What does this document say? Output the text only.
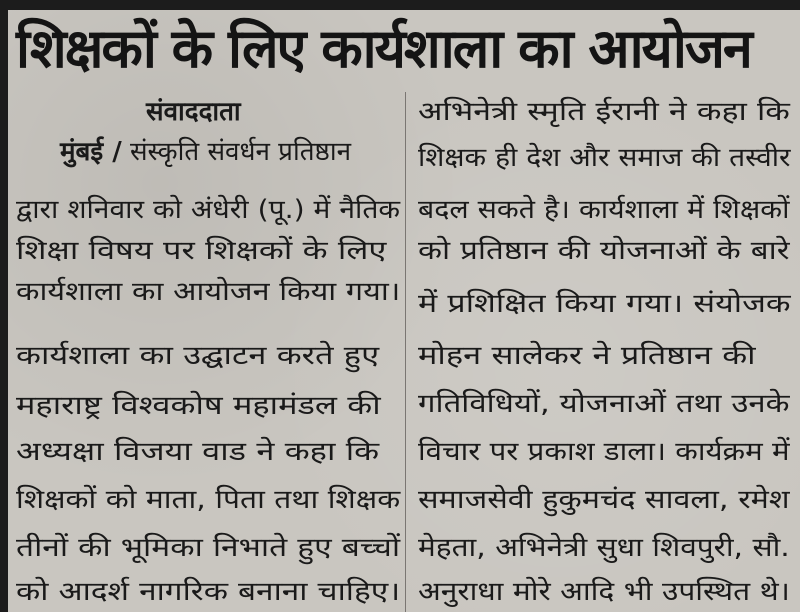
शिक्षकों के लिए कार्यशाला का आयोजन
संवाददाता
मुंबई / संस्कृति संवर्धन प्रतिष्ठान
द्वारा शनिवार को अंधेरी (पू.) में नैतिक
शिक्षा विषय पर शिक्षकों के लिए
कार्यशाला का आयोजन किया गया।
कार्यशाला का उद्घाटन करते हुए
महाराष्ट्र विश्वकोष महामंडल की
अध्यक्षा विजया वाड ने कहा कि
शिक्षकों को माता, पिता तथा शिक्षक
तीनों की भूमिका निभाते हुए बच्चों
को आदर्श नागरिक बनाना चाहिए।
अभिनेत्री स्मृति ईरानी ने कहा कि
शिक्षक ही देश और समाज की तस्वीर
बदल सकते है। कार्यशाला में शिक्षकों
को प्रतिष्ठान की योजनाओं के बारे
में प्रशिक्षित किया गया। संयोजक
मोहन सालेकर ने प्रतिष्ठान की
गतिविधियों, योजनाओं तथा उनके
विचार पर प्रकाश डाला। कार्यक्रम में
समाजसेवी हुकुमचंद सावला, रमेश
मेहता, अभिनेत्री सुधा शिवपुरी, सौ.
अनुराधा मोरे आदि भी उपस्थित थे।
